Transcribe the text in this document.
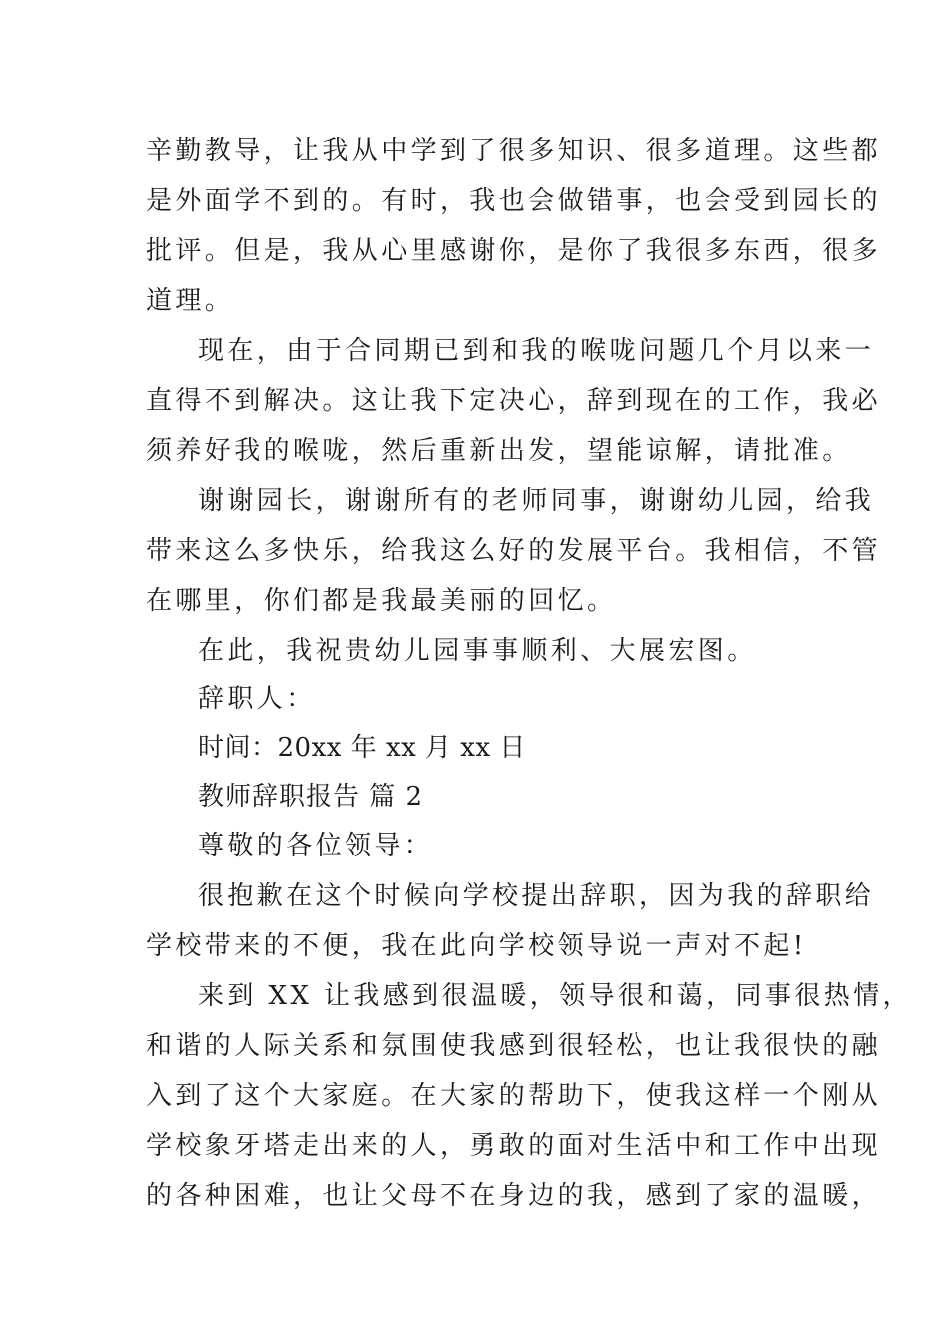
辛勤教导，让我从中学到了很多知识、很多道理。这些都
是外面学不到的。有时，我也会做错事，也会受到园长的
批评。但是，我从心里感谢你，是你了我很多东西，很多
道理。
现在，由于合同期已到和我的喉咙问题几个月以来一
直得不到解决。这让我下定决心，辞到现在的工作，我必
须养好我的喉咙，然后重新出发，望能谅解，请批准。
谢谢园长，谢谢所有的老师同事，谢谢幼儿园，给我
带来这么多快乐，给我这么好的发展平台。我相信，不管
在哪里，你们都是我最美丽的回忆。
在此，我祝贵幼儿园事事顺利、大展宏图。
辞职人：
时间：20xx 年 xx 月 xx 日
教师辞职报告 篇 2
尊敬的各位领导：
很抱歉在这个时候向学校提出辞职，因为我的辞职给
学校带来的不便，我在此向学校领导说一声对不起!
来到 XX 让我感到很温暖，领导很和蔼，同事很热情，
和谐的人际关系和氛围使我感到很轻松，也让我很快的融
入到了这个大家庭。在大家的帮助下，使我这样一个刚从
学校象牙塔走出来的人，勇敢的面对生活中和工作中出现
的各种困难，也让父母不在身边的我，感到了家的温暖，
